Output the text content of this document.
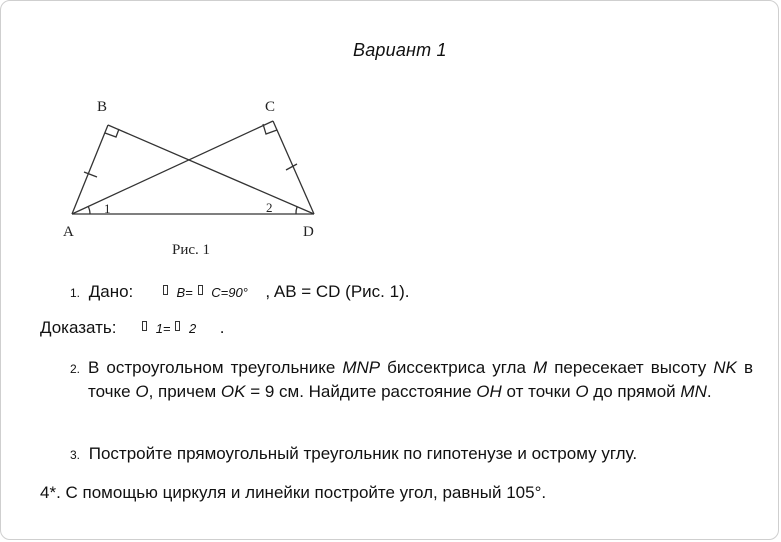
Вариант 1
B	C
A	D
1	2
Рис. 1
1. Дано:	B= C=90° , AB = CD (Рис. 1).
Доказать:	1= 2 .
2. В остроугольном треугольнике MNP биссектриса угла M пересекает высоту NK в точке O, причем OK = 9 см. Найдите расстояние OH от точки O до прямой MN.
3. Постройте прямоугольный треугольник по гипотенузе и острому углу.
4*. С помощью циркуля и линейки постройте угол, равный 105°.
